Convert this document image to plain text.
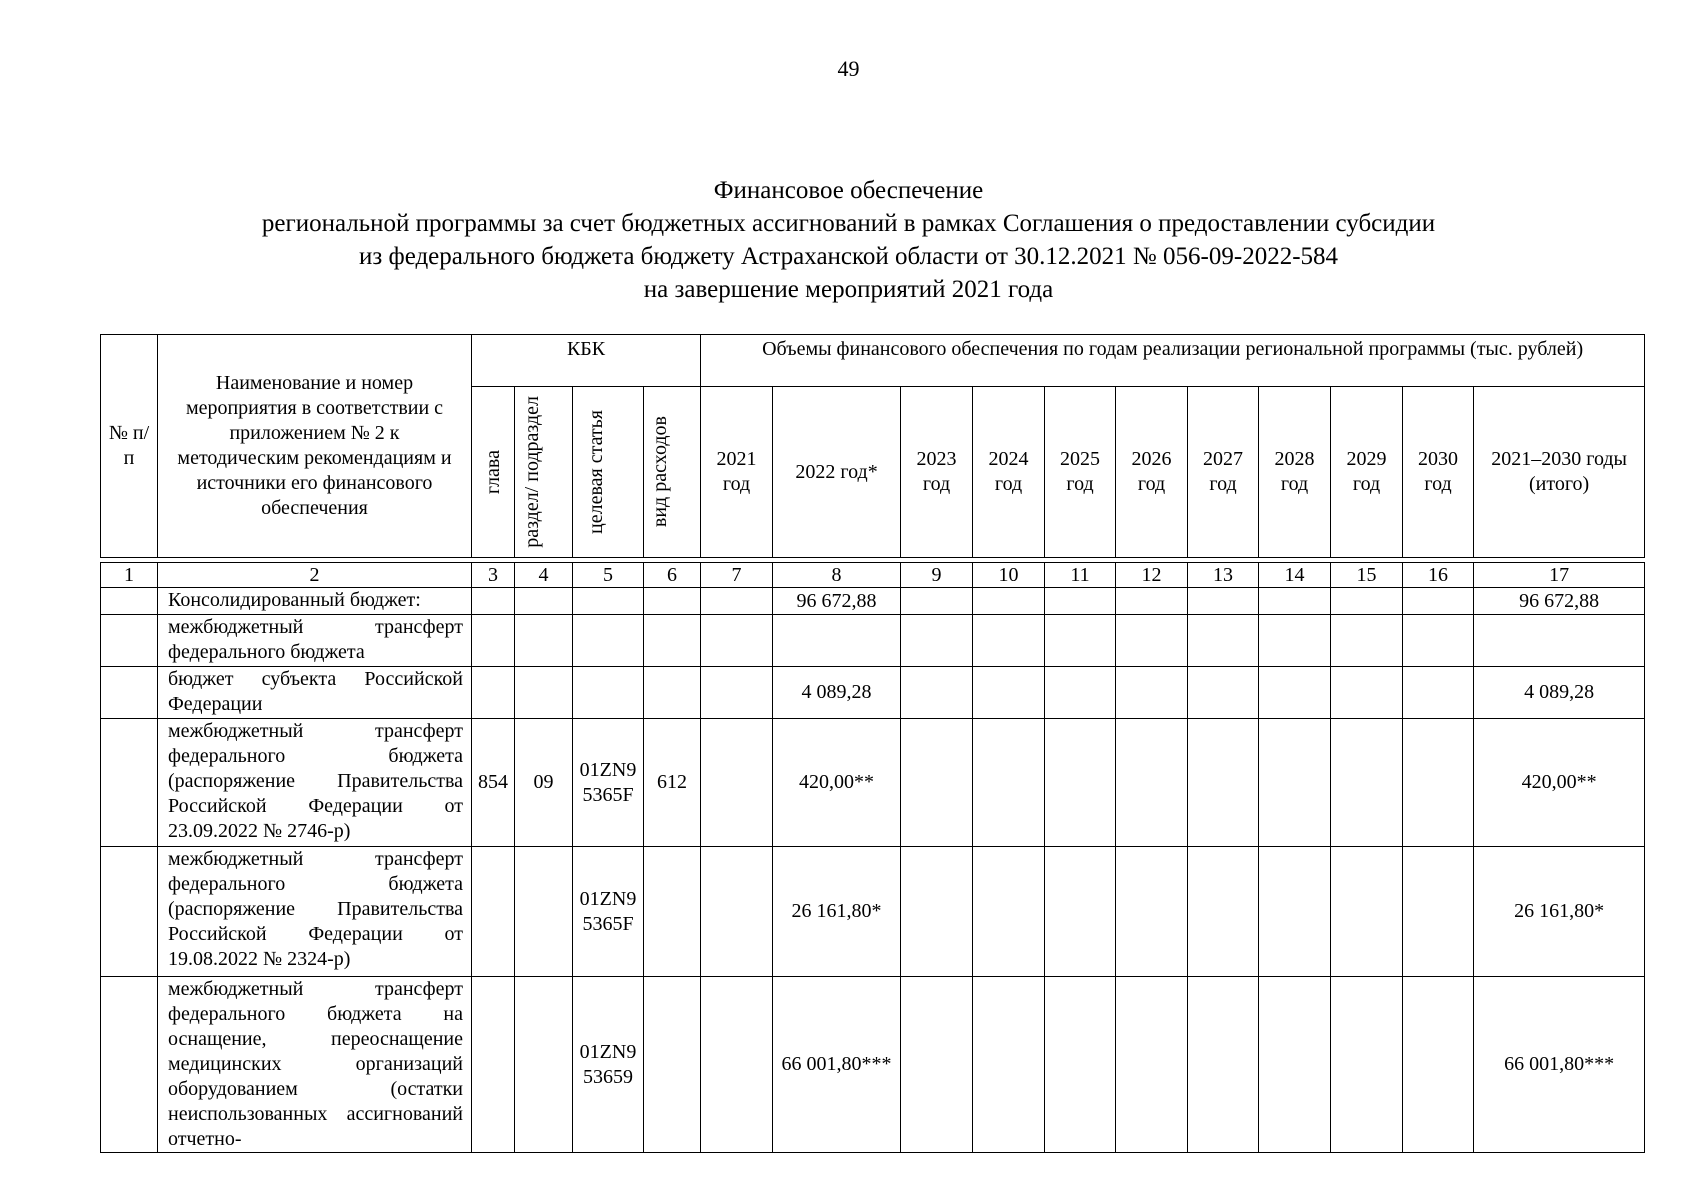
49
Финансовое обеспечение
региональной программы за счет бюджетных ассигнований в рамках Соглашения о предоставлении субсидии
из федерального бюджета бюджету Астраханской области от 30.12.2021 № 056-09-2022-584
на завершение мероприятий 2021 года
№ п/п	Наименование и номер мероприятия в соответствии с приложением № 2 к методическим рекомендациям и источники его финансового обеспечения	КБК				Объемы финансового обеспечения по годам реализации региональной программы (тыс. рублей)										

		глава	раздел/ подраздел	целевая статья	вид расходов	2021 год	2022 год*	2023 год	2024 год	2025 год	2026 год	2027 год	2028 год	2029 год	2030 год	2021–2030 годы (итого)

1	2	3	4	5	6	7	8	9	10	11	12	13	14	15	16	17
	Консолидированный бюджет:						96 672,88									96 672,88
	межбюджетный трансферт федерального бюджета															
	бюджет субъекта Российской Федерации						4 089,28									4 089,28
	межбюджетный трансферт федерального бюджета (распоряжение Правительства Российской Федерации от 23.09.2022 № 2746-р)	854	09	01ZN9 5365F	612		420,00**									420,00**
	межбюджетный трансферт федерального бюджета (распоряжение Правительства Российской Федерации от 19.08.2022 № 2324-р)			01ZN9 5365F			26 161,80*									26 161,80*
	межбюджетный трансферт федерального бюджета на оснащение, переоснащение медицинских организаций оборудованием (остатки неиспользованных ассигнований отчетно-			01ZN9 53659			66 001,80***									66 001,80***
